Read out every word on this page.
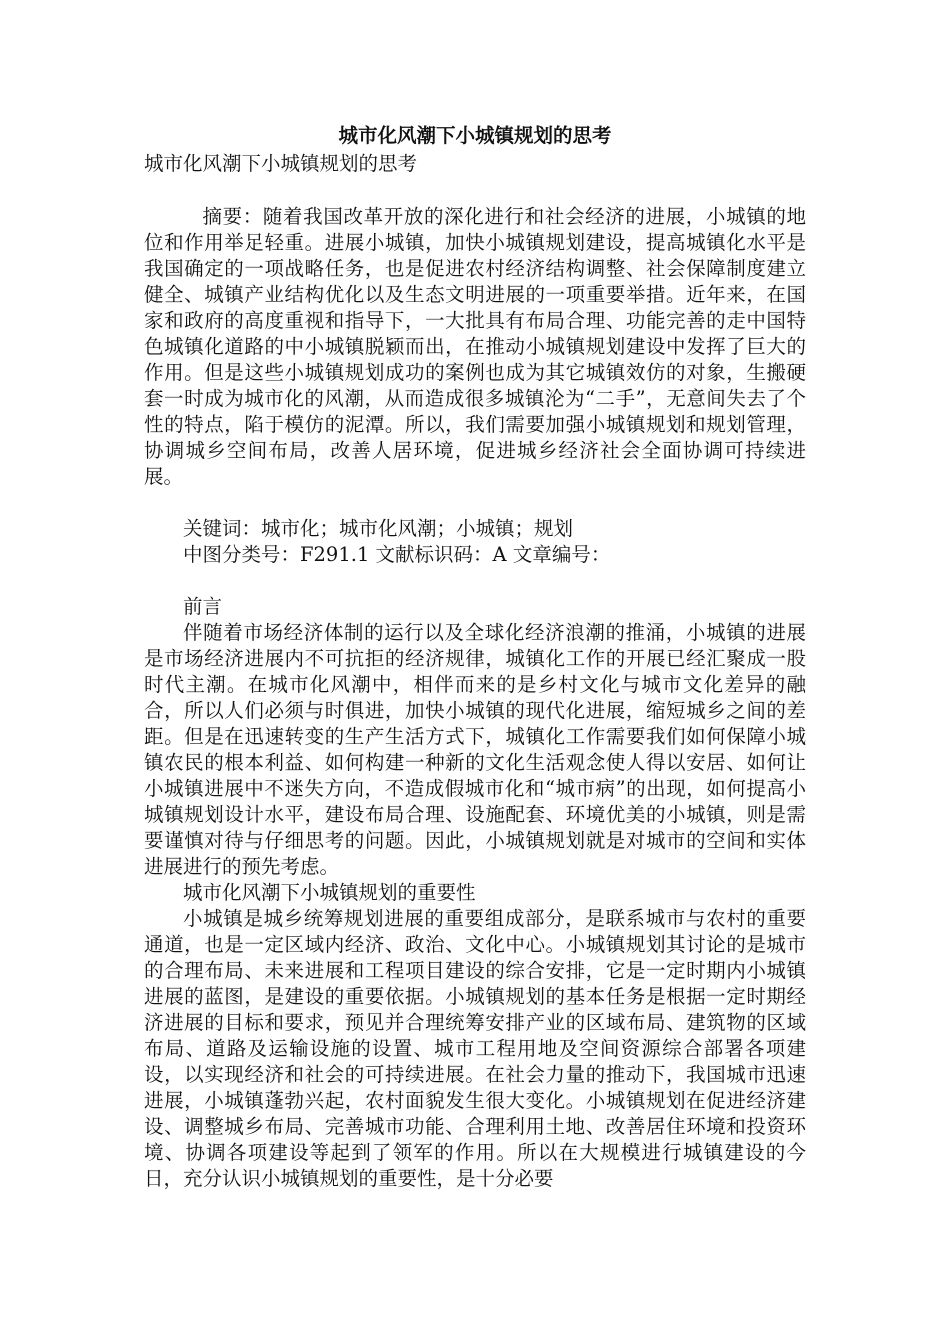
城市化风潮下小城镇规划的思考
城市化风潮下小城镇规划的思考

摘要：随着我国改革开放的深化进行和社会经济的进展，小城镇的地位和作用举足轻重。进展小城镇，加快小城镇规划建设，提高城镇化水平是我国确定的一项战略任务，也是促进农村经济结构调整、社会保障制度建立健全、城镇产业结构优化以及生态文明进展的一项重要举措。近年来，在国家和政府的高度重视和指导下，一大批具有布局合理、功能完善的走中国特色城镇化道路的中小城镇脱颖而出，在推动小城镇规划建设中发挥了巨大的作用。但是这些小城镇规划成功的案例也成为其它城镇效仿的对象，生搬硬套一时成为城市化的风潮，从而造成很多城镇沦为“二手”，无意间失去了个性的特点，陷于模仿的泥潭。所以，我们需要加强小城镇规划和规划管理，协调城乡空间布局，改善人居环境，促进城乡经济社会全面协调可持续进展。

关键词：城市化；城市化风潮；小城镇；规划
中图分类号：F291.1 文献标识码：A 文章编号：
前言

伴随着市场经济体制的运行以及全球化经济浪潮的推涌，小城镇的进展是市场经济进展内不可抗拒的经济规律，城镇化工作的开展已经汇聚成一股时代主潮。在城市化风潮中，相伴而来的是乡村文化与城市文化差异的融合，所以人们必须与时俱进，加快小城镇的现代化进展，缩短城乡之间的差距。但是在迅速转变的生产生活方式下，城镇化工作需要我们如何保障小城镇农民的根本利益、如何构建一种新的文化生活观念使人得以安居、如何让小城镇进展中不迷失方向，不造成假城市化和“城市病”的出现，如何提高小城镇规划设计水平，建设布局合理、设施配套、环境优美的小城镇，则是需要谨慎对待与仔细思考的问题。因此，小城镇规划就是对城市的空间和实体进展进行的预先考虑。

城市化风潮下小城镇规划的重要性

小城镇是城乡统筹规划进展的重要组成部分，是联系城市与农村的重要通道，也是一定区域内经济、政治、文化中心。小城镇规划其讨论的是城市的合理布局、未来进展和工程项目建设的综合安排，它是一定时期内小城镇进展的蓝图，是建设的重要依据。小城镇规划的基本任务是根据一定时期经济进展的目标和要求，预见并合理统筹安排产业的区域布局、建筑物的区域布局、道路及运输设施的设置、城市工程用地及空间资源综合部署各项建设，以实现经济和社会的可持续进展。在社会力量的推动下，我国城市迅速进展，小城镇蓬勃兴起，农村面貌发生很大变化。小城镇规划在促进经济建设、调整城乡布局、完善城市功能、合理利用土地、改善居住环境和投资环境、协调各项建设等起到了领军的作用。所以在大规模进行城镇建设的今日，充分认识小城镇规划的重要性，是十分必要
